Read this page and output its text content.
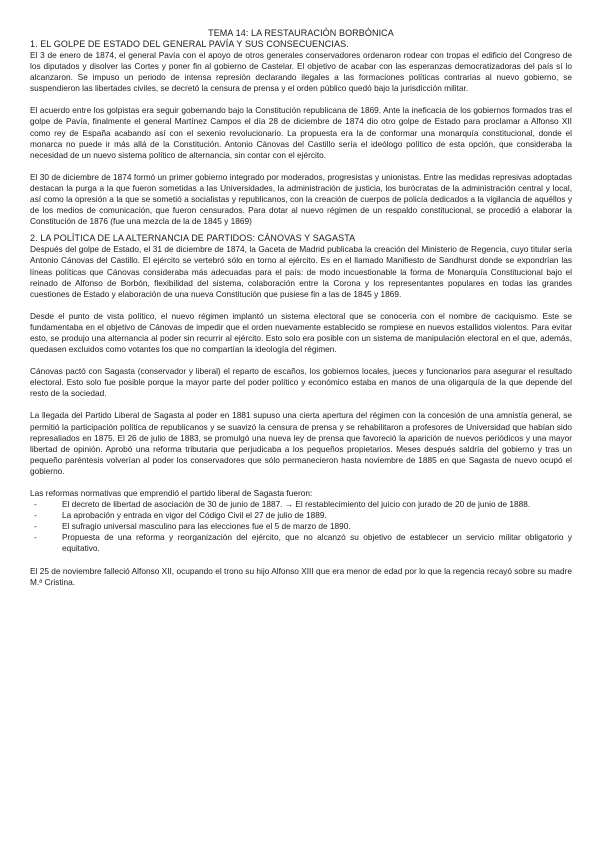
TEMA 14: LA RESTAURACIÓN BORBÓNICA
1. EL GOLPE DE ESTADO DEL GENERAL PAVÍA Y SUS CONSECUENCIAS.

El 3 de enero de 1874, el general Pavía con el apoyo de otros generales conservadores ordenaron rodear con tropas el edificio del Congreso de los diputados y disolver las Cortes y poner fin al gobierno de Castelar. El objetivo de acabar con las esperanzas democratizadoras del país sí lo alcanzaron. Se impuso un periodo de intensa represión declarando ilegales a las formaciones políticas contrarias al nuevo gobierno, se suspendieron las libertades civiles, se decretó la censura de prensa y el orden público quedó bajo la jurisdicción militar.

El acuerdo entre los golpistas era seguir gobernando bajo la Constitución republicana de 1869. Ante la ineficacia de los gobiernos formados tras el golpe de Pavía, finalmente el general Martínez Campos el día 28 de diciembre de 1874 dio otro golpe de Estado para proclamar a Alfonso XII como rey de España acabando así con el sexenio revolucionario. La propuesta era la de conformar una monarquía constitucional, donde el monarca no puede ir más allá de la Constitución. Antonio Cánovas del Castillo sería el ideólogo político de esta opción, que consideraba la necesidad de un nuevo sistema político de alternancia, sin contar con el ejército.

El 30 de diciembre de 1874 formó un primer gobierno integrado por moderados, progresistas y unionistas. Entre las medidas represivas adoptadas destacan la purga a la que fueron sometidas a las Universidades, la administración de justicia, los burócratas de la administración central y local, así como la opresión a la que se sometió a socialistas y republicanos, con la creación de cuerpos de policía dedicados a la vigilancia de aquéllos y de los medios de comunicación, que fueron censurados. Para dotar al nuevo régimen de un respaldo constitucional, se procedió a elaborar la Constitución de 1876 (fue una mezcla de la de 1845 y 1869)

2. LA POLÍTICA DE LA ALTERNANCIA DE PARTIDOS: CÁNOVAS Y SAGASTA

Después del golpe de Estado, el 31 de diciembre de 1874, la Gaceta de Madrid publicaba la creación del Ministerio de Regencia, cuyo titular sería Antonio Cánovas del Castillo. El ejército se vertebró sólo en torno al ejército. Es en el llamado Manifiesto de Sandhurst donde se expondrían las líneas políticas que Cánovas consideraba más adecuadas para el país: de modo incuestionable la forma de Monarquía Constitucional bajo el reinado de Alfonso de Borbón, flexibilidad del sistema, colaboración entre la Corona y los representantes populares en todas las grandes cuestiones de Estado y elaboración de una nueva Constitución que pusiese fin a las de 1845 y 1869.

Desde el punto de vista político, el nuevo régimen implantó un sistema electoral que se conocería con el nombre de caciquismo. Este se fundamentaba en el objetivo de Cánovas de impedir que el orden nuevamente establecido se rompiese en nuevos estallidos violentos. Para evitar esto, se produjo una alternancia al poder sin recurrir al ejército. Esto solo era posible con un sistema de manipulación electoral en el que, además, quedasen excluidos como votantes los que no compartían la ideología del régimen.

Cánovas pactó con Sagasta (conservador y liberal) el reparto de escaños, los gobiernos locales, jueces y funcionarios para asegurar el resultado electoral. Esto solo fue posible porque la mayor parte del poder político y económico estaba en manos de una oligarquía de la que depende del resto de la sociedad.

La llegada del Partido Liberal de Sagasta al poder en 1881 supuso una cierta apertura del régimen con la concesión de una amnistía general, se permitió la participación política de republicanos y se suavizó la censura de prensa y se rehabilitaron a profesores de Universidad que habían sido represaliados en 1875. El 26 de julio de 1883, se promulgó una nueva ley de prensa que favoreció la aparición de nuevos periódicos y una mayor libertad de opinión. Aprobó una reforma tributaria que perjudicaba a los pequeños propietarios. Meses después saldría del gobierno y tras un pequeño paréntesis volverían al poder los conservadores que sólo permanecieron hasta noviembre de 1885 en que Sagasta de nuevo ocupó el gobierno.

Las reformas normativas que emprendió el partido liberal de Sagasta fueron:

- El decreto de libertad de asociación de 30 de junio de 1887. → El restablecimiento del juicio con jurado de 20 de junio de 1888.
- La aprobación y entrada en vigor del Código Civil el 27 de julio de 1889.
- El sufragio universal masculino para las elecciones fue el 5 de marzo de 1890.
- Propuesta de una reforma y reorganización del ejército, que no alcanzó su objetivo de establecer un servicio militar obligatorio y equitativo.

El 25 de noviembre falleció Alfonso XII, ocupando el trono su hijo Alfonso XIII que era menor de edad por lo que la regencia recayó sobre su madre M.ª Cristina.
